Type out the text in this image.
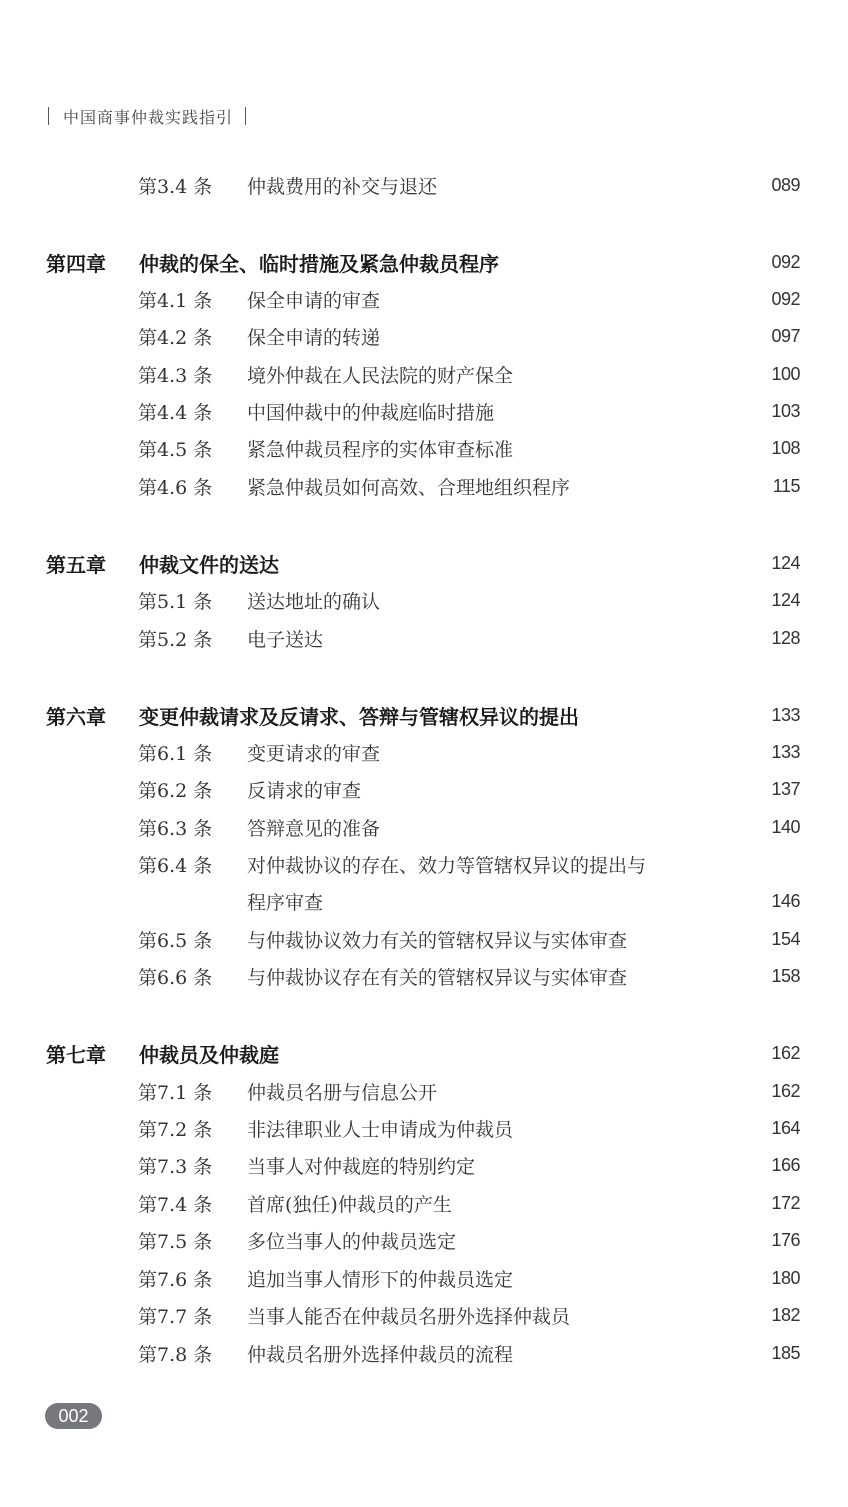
中国商事仲裁实践指引
第3.4 条 仲裁费用的补交与退还	089
第四章 仲裁的保全、临时措施及紧急仲裁员程序	092
第4.1 条 保全申请的审查	092
第4.2 条 保全申请的转递	097
第4.3 条 境外仲裁在人民法院的财产保全	100
第4.4 条 中国仲裁中的仲裁庭临时措施	103
第4.5 条 紧急仲裁员程序的实体审查标准	108
第4.6 条 紧急仲裁员如何高效、合理地组织程序	115
第五章 仲裁文件的送达	124
第5.1 条 送达地址的确认	124
第5.2 条 电子送达	128
第六章 变更仲裁请求及反请求、答辩与管辖权异议的提出	133
第6.1 条 变更请求的审查	133
第6.2 条 反请求的审查	137
第6.3 条 答辩意见的准备	140
第6.4 条 对仲裁协议的存在、效力等管辖权异议的提出与
程序审查	146
第6.5 条 与仲裁协议效力有关的管辖权异议与实体审查	154
第6.6 条 与仲裁协议存在有关的管辖权异议与实体审查	158
第七章 仲裁员及仲裁庭	162
第7.1 条 仲裁员名册与信息公开	162
第7.2 条 非法律职业人士申请成为仲裁员	164
第7.3 条 当事人对仲裁庭的特别约定	166
第7.4 条 首席(独任)仲裁员的产生	172
第7.5 条 多位当事人的仲裁员选定	176
第7.6 条 追加当事人情形下的仲裁员选定	180
第7.7 条 当事人能否在仲裁员名册外选择仲裁员	182
第7.8 条 仲裁员名册外选择仲裁员的流程	185
002
